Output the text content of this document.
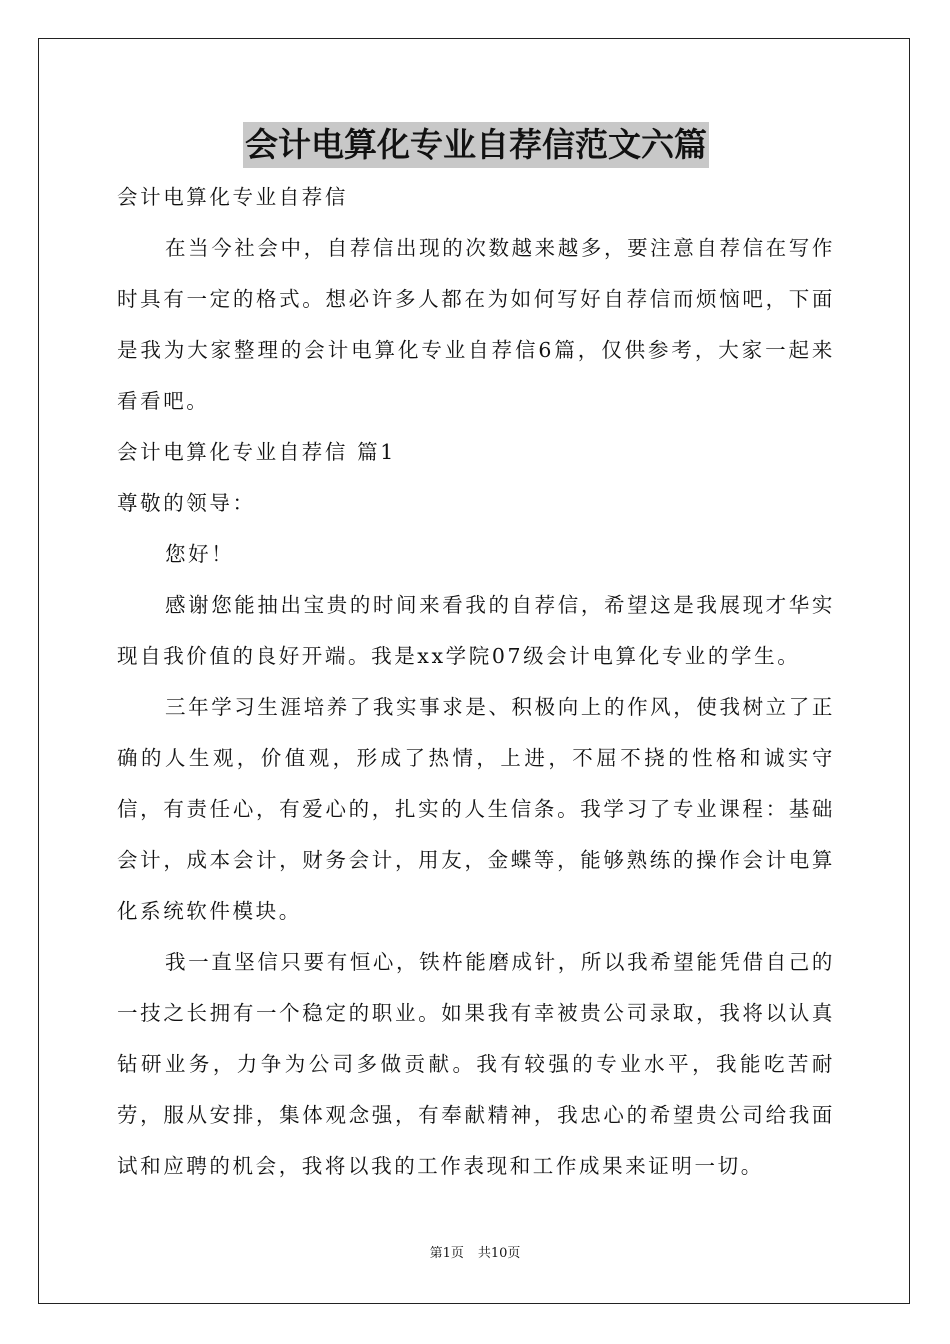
会计电算化专业自荐信范文六篇

会计电算化专业自荐信

在当今社会中，自荐信出现的次数越来越多，要注意自荐信在写作时具有一定的格式。想必许多人都在为如何写好自荐信而烦恼吧，下面是我为大家整理的会计电算化专业自荐信6篇，仅供参考，大家一起来看看吧。

会计电算化专业自荐信 篇1

尊敬的领导：

您好！

感谢您能抽出宝贵的时间来看我的自荐信，希望这是我展现才华实现自我价值的良好开端。我是xx学院07级会计电算化专业的学生。

三年学习生涯培养了我实事求是、积极向上的作风，使我树立了正确的人生观，价值观，形成了热情，上进，不屈不挠的性格和诚实守信，有责任心，有爱心的，扎实的人生信条。我学习了专业课程：基础会计，成本会计，财务会计，用友，金蝶等，能够熟练的操作会计电算化系统软件模块。

我一直坚信只要有恒心，铁杵能磨成针，所以我希望能凭借自己的一技之长拥有一个稳定的职业。如果我有幸被贵公司录取，我将以认真钻研业务，力争为公司多做贡献。我有较强的专业水平，我能吃苦耐劳，服从安排，集体观念强，有奉献精神，我忠心的希望贵公司给我面试和应聘的机会，我将以我的工作表现和工作成果来证明一切。

第1页 共10页
